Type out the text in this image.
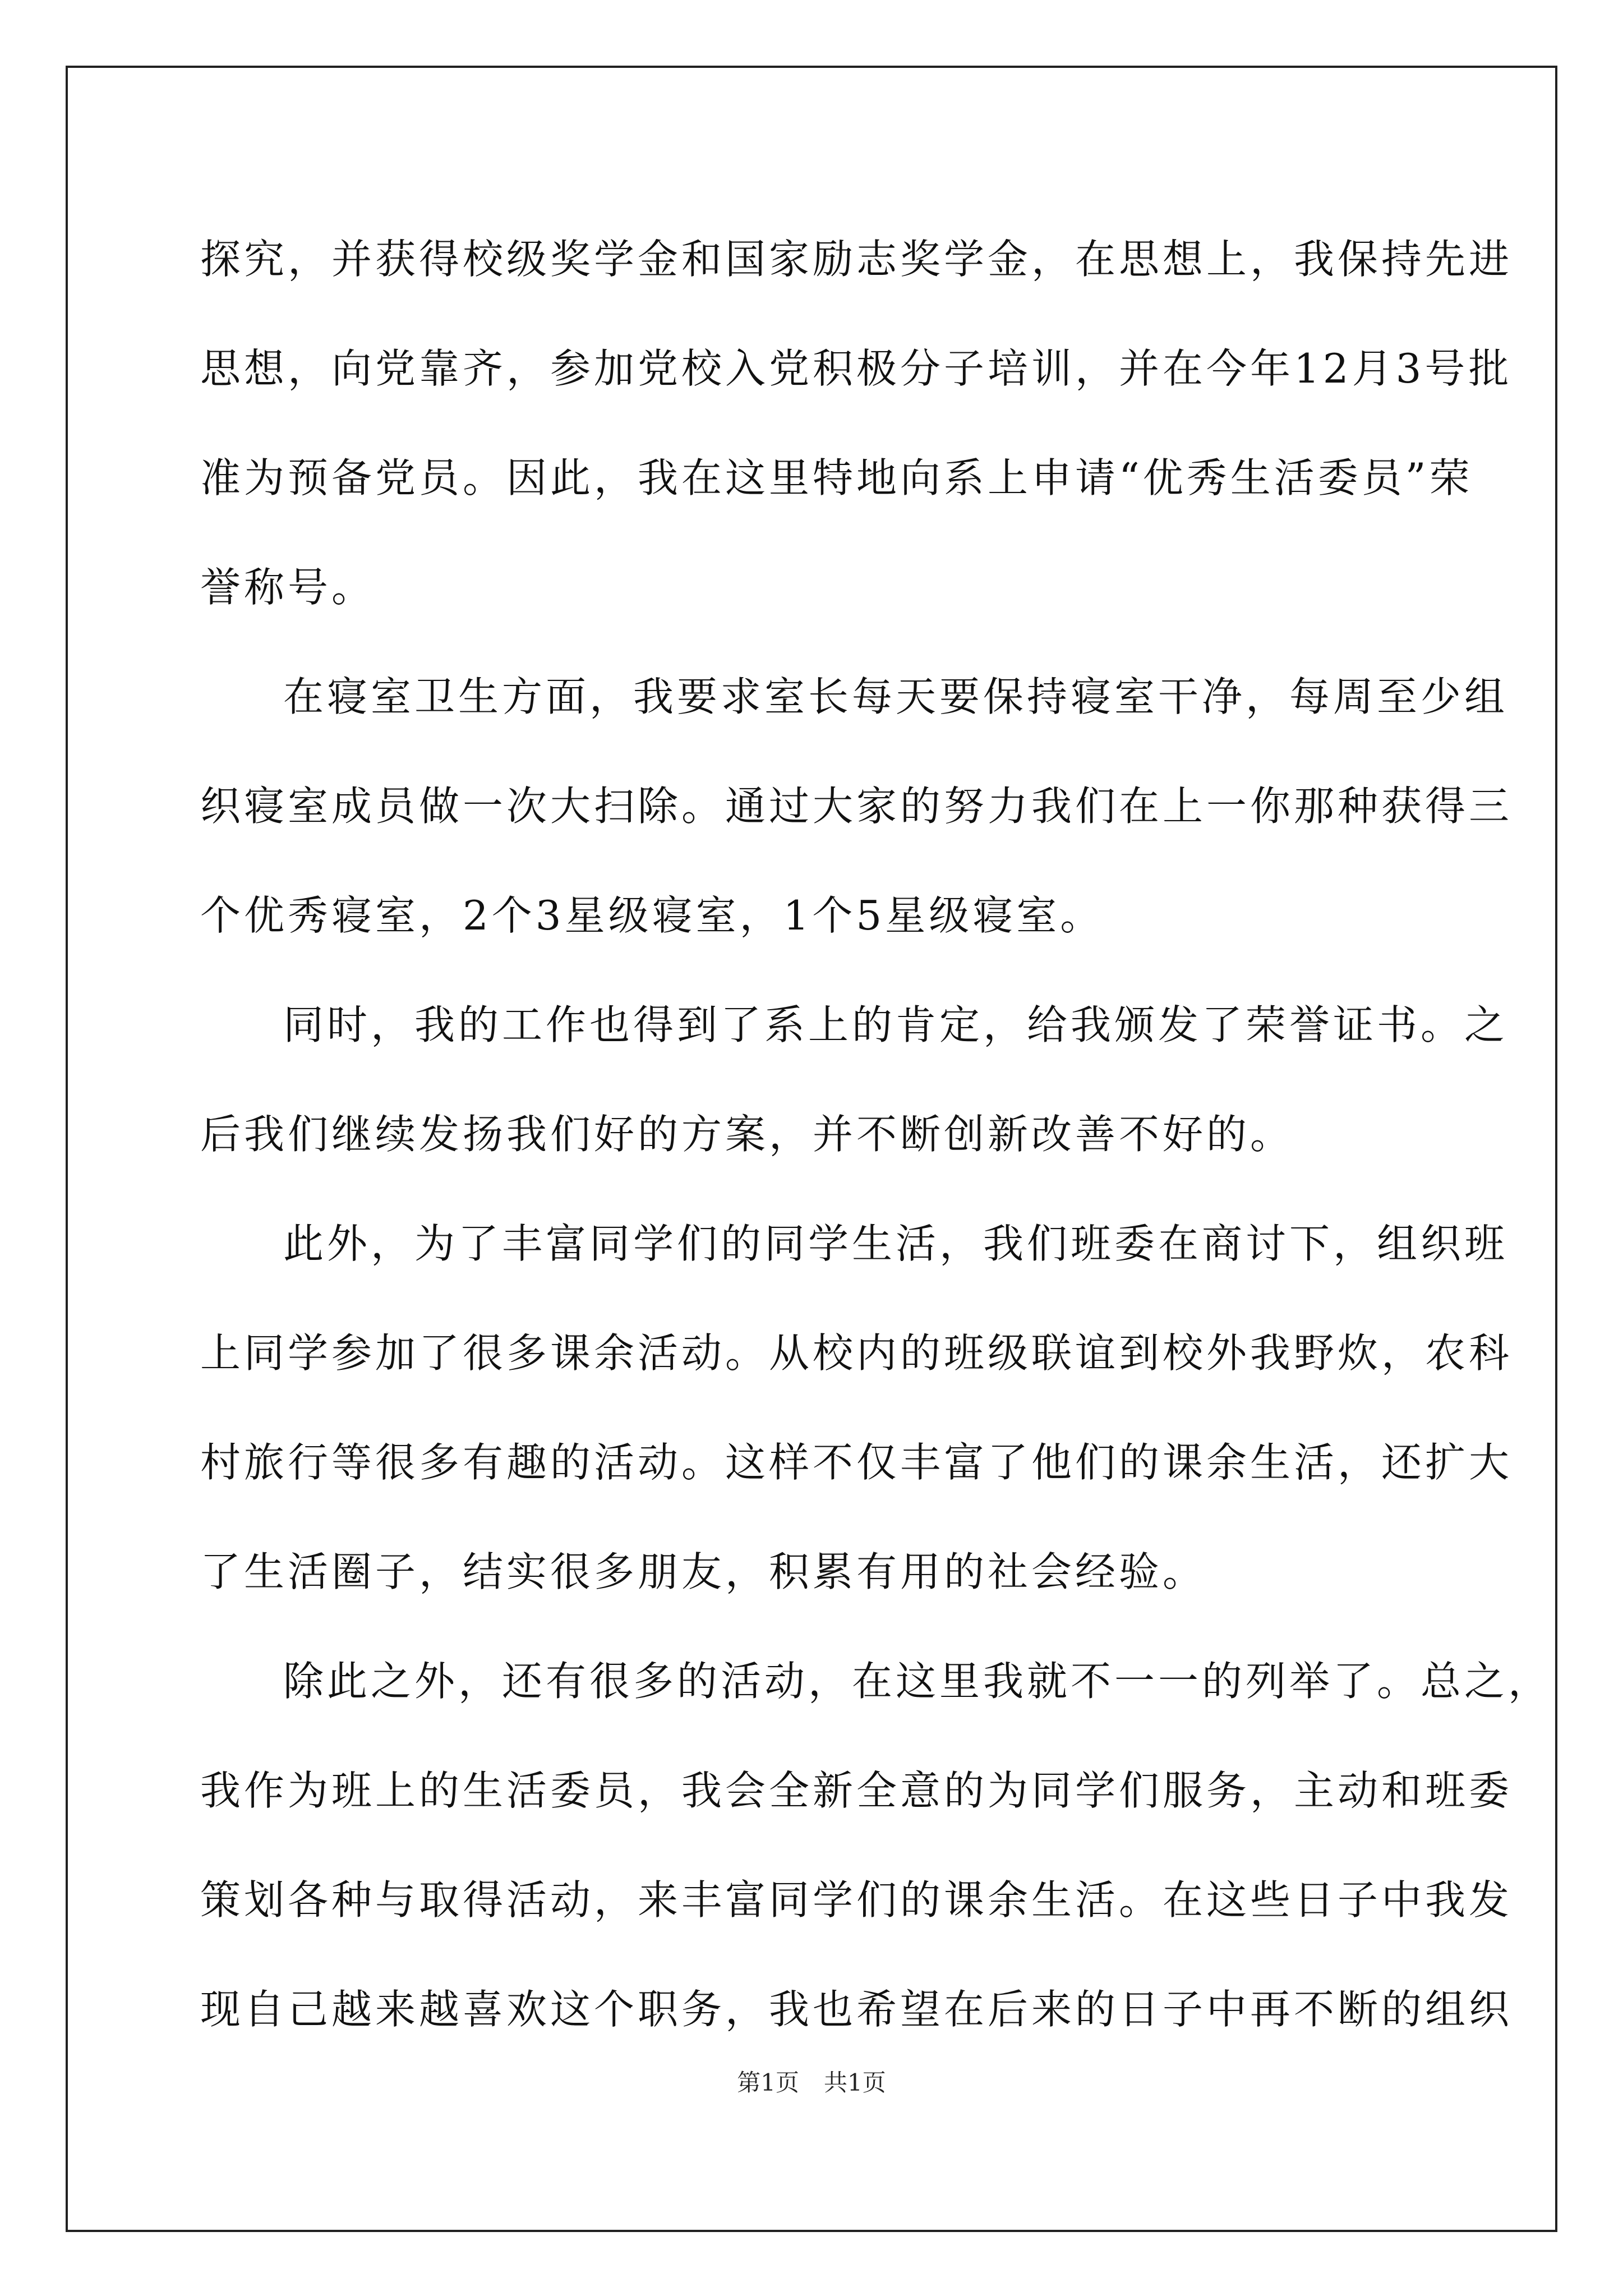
探究，并获得校级奖学金和国家励志奖学金，在思想上，我保持先进
思想，向党靠齐，参加党校入党积极分子培训，并在今年12月3号批
准为预备党员。因此，我在这里特地向系上申请“优秀生活委员”荣
誉称号。
在寝室卫生方面，我要求室长每天要保持寝室干净，每周至少组
织寝室成员做一次大扫除。通过大家的努力我们在上一你那种获得三
个优秀寝室，2个3星级寝室，1个5星级寝室。
同时，我的工作也得到了系上的肯定，给我颁发了荣誉证书。之
后我们继续发扬我们好的方案，并不断创新改善不好的。
此外，为了丰富同学们的同学生活，我们班委在商讨下，组织班
上同学参加了很多课余活动。从校内的班级联谊到校外我野炊，农科
村旅行等很多有趣的活动。这样不仅丰富了他们的课余生活，还扩大
了生活圈子，结实很多朋友，积累有用的社会经验。
除此之外，还有很多的活动，在这里我就不一一的列举了。总之，
我作为班上的生活委员，我会全新全意的为同学们服务，主动和班委
策划各种与取得活动，来丰富同学们的课余生活。在这些日子中我发
现自己越来越喜欢这个职务，我也希望在后来的日子中再不断的组织
第1页 共1页
